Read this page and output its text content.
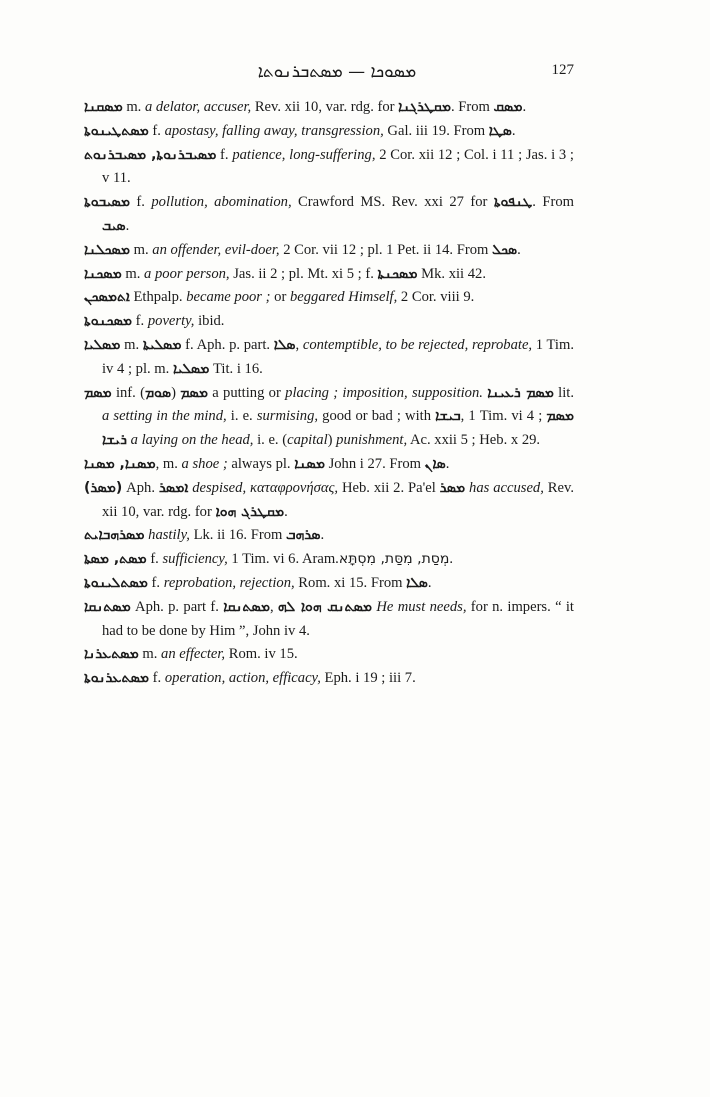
ܡܣܘܟܐ — ܡܣܬܒܪܢܘܬܐ	127
ܡܣܩܢܐ m. a delator, accuser, Rev. xii 10, var. rdg. for ܡܩܛܪܓܢܐ. From ܡܣܩ.
ܡܣܬܛܝܢܘܬܐ f. apostasy, falling away, transgression, Gal. iii 19. From ܣܛܐ.
ܡܣܝܒܪܢܘܬܐ, ܡܣܝܒܪܢܘܬ f. patience, long-suffering, 2 Cor. xii 12 ; Col. i 11 ; Jas. i 3 ; v 11.
ܡܣܝܒܘܬܐ f. pollution, abomination, Crawford MS. Rev. xxi 27 for ܛܢܦܘܬܐ. From ܣܝܒ.
ܡܣܟܠܢܐ m. an offender, evil-doer, 2 Cor. vii 12 ; pl. 1 Pet. ii 14. From ܣܟܠ.
ܡܣܟܢܐ m. a poor person, Jas. ii 2 ; pl. Mt. xi 5 ; f. ܡܣܟܢܬܐ Mk. xii 42.
ܐܬܡܣܟܢ Ethpalp. became poor ; or beggared Himself, 2 Cor. viii 9.
ܡܣܟܢܘܬܐ f. poverty, ibid.
ܡܣܠܝܐ m. ܡܣܠܝܬܐ f. Aph. p. part. ܣܠܐ, contemptible, to be rejected, reprobate, 1 Tim. iv 4 ; pl. m. ܡܣܠܝܐ Tit. i 16.
ܡܣܡ inf. (ܣܘܡ) ܡܣܡ a putting or placing ; imposition, supposition. ܡܣܡ ܪܥܝܢܐ lit. a setting in the mind, i. e. surmising, good or bad ; with ܒܝܫܐ, 1 Tim. vi 4 ; ܡܣܡ ܪܝܫܐ a laying on the head, i. e. (capital) punishment, Ac. xxii 5 ; Heb. x 29.
ܡܣܢܐ, ܡܣܢܐ, m. a shoe ; always pl. ܡܣܢܐ John i 27. From ܣܐܢ.
(ܡܣܪ) Aph. ܐܡܣܪ despised, καταφρονήσας, Heb. xii 2. Pa'el ܡܣܪ has accused, Rev. xii 10, var. rdg. for ܡܩܛܪܓ ܗܘܐ.
ܡܣܪܗܒܐܝܬ hastily, Lk. ii 16. From ܣܪܗܒ.
ܡܣܬ, ܡܣܬܐ f. sufficiency, 1 Tim. vi 6. Aram.מְסַת, מִסַּת, מִסְתָּא.
ܡܣܬܠܝܢܘܬܐ f. reprobation, rejection, Rom. xi 15. From ܣܠܐ.
ܡܣܬܢܩܐ Aph. p. part f. ܡܣܬܢܩܐ, ܡܣܬܢܩ ܗܘܐ ܠܗ He must needs, for n. impers. “ it had to be done by Him ”, John iv 4.
ܡܣܬܥܪܢܐ m. an effecter, Rom. iv 15.
ܡܣܬܥܪܢܘܬܐ f. operation, action, efficacy, Eph. i 19 ; iii 7.
